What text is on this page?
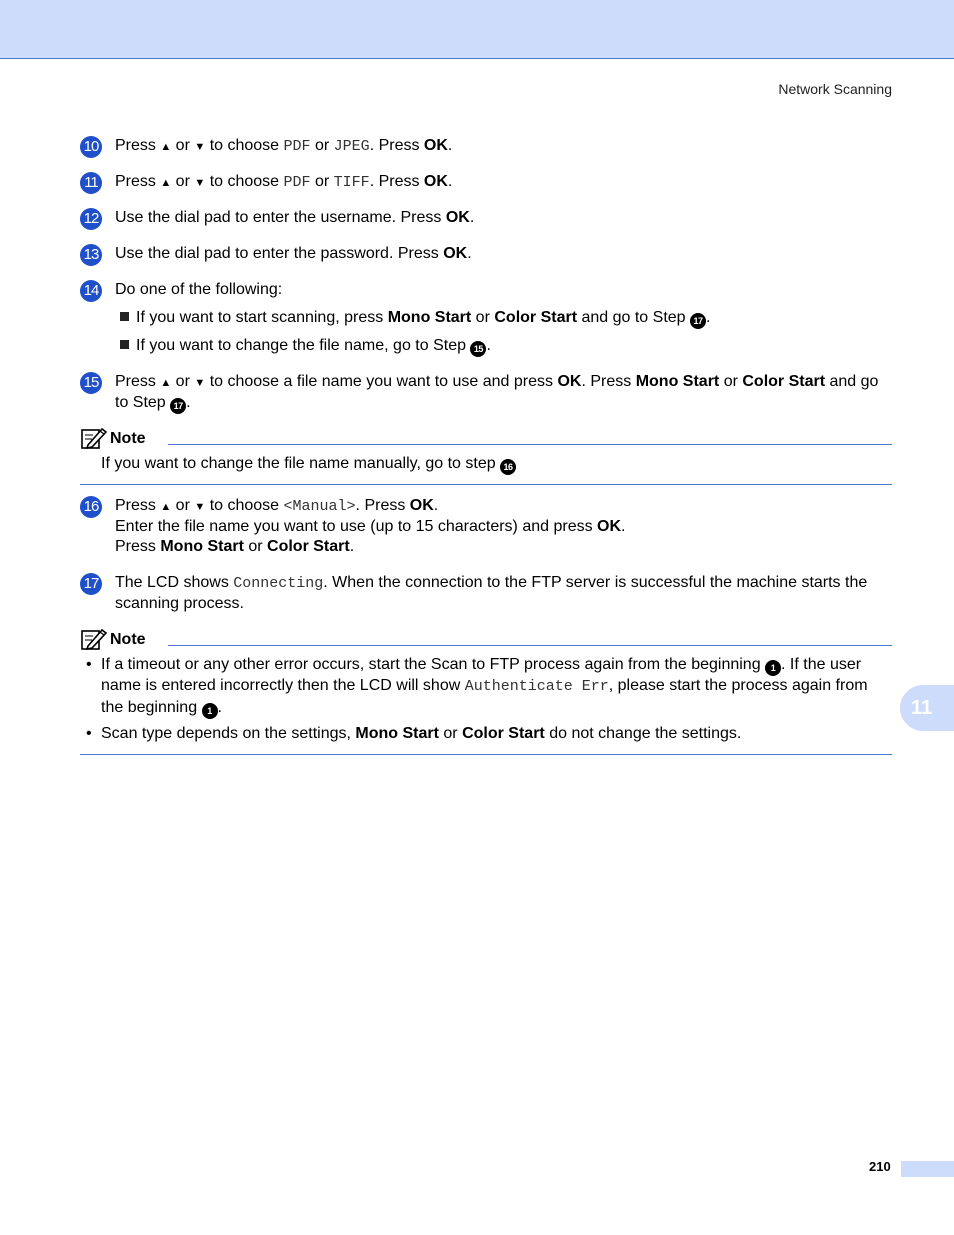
Network Scanning
10 Press ▲ or ▼ to choose PDF or JPEG. Press OK.
11 Press ▲ or ▼ to choose PDF or TIFF. Press OK.
12 Use the dial pad to enter the username. Press OK.
13 Use the dial pad to enter the password. Press OK.
14 Do one of the following:
If you want to start scanning, press Mono Start or Color Start and go to Step 17 .
If you want to change the file name, go to Step 15 .
15 Press ▲ or ▼ to choose a file name you want to use and press OK. Press Mono Start or Color Start and go to Step 17 .
Note
If you want to change the file name manually, go to step 16
16 Press ▲ or ▼ to choose <Manual>. Press OK.
Enter the file name you want to use (up to 15 characters) and press OK.
Press Mono Start or Color Start.
17 The LCD shows Connecting. When the connection to the FTP server is successful the machine starts the scanning process.
Note
• If a timeout or any other error occurs, start the Scan to FTP process again from the beginning 1 . If the user name is entered incorrectly then the LCD will show Authenticate Err, please start the process again from the beginning 1 .
• Scan type depends on the settings, Mono Start or Color Start do not change the settings.
11
210
